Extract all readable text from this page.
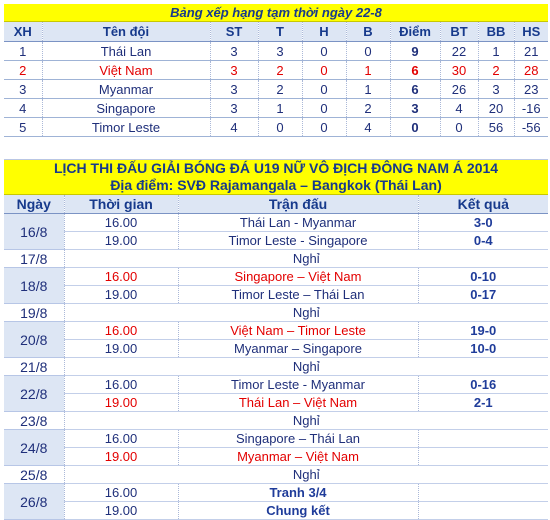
Bảng xếp hạng tạm thời ngày 22-8									
XH	Tên đội	ST	T	H	B	Điểm	BT	BB	HS
1	Thái Lan	3	3	0	0	9	22	1	21
2	Việt Nam	3	2	0	1	6	30	2	28
3	Myanmar	3	2	0	1	6	26	3	23
4	Singapore	3	1	0	2	3	4	20	-16
5	Timor Leste	4	0	0	4	0	0	56	-56
LỊCH THI ĐẤU GIẢI BÓNG ĐÁ U19 NỮ VÔ ĐỊCH ĐÔNG NAM Á 2014			
Địa điểm: SVĐ Rajamangala – Bangkok (Thái Lan)			
Ngày	Thời gian	Trận đấu	Kết quả
16/8	16.00	Thái Lan - Myanmar	3-0
	19.00	Timor Leste - Singapore	0-4
17/8	Nghỉ		
18/8	16.00	Singapore – Việt Nam	0-10
	19.00	Timor Leste – Thái Lan	0-17
19/8	Nghỉ		
20/8	16.00	Việt Nam – Timor Leste	19-0
	19.00	Myanmar – Singapore	10-0
21/8	Nghỉ		
22/8	16.00	Timor Leste - Myanmar	0-16
	19.00	Thái Lan – Việt Nam	2-1
23/8	Nghỉ		
24/8	16.00	Singapore – Thái Lan	
	19.00	Myanmar – Việt Nam	
25/8	Nghỉ		
26/8	16.00	Tranh 3/4	
	19.00	Chung kết	
